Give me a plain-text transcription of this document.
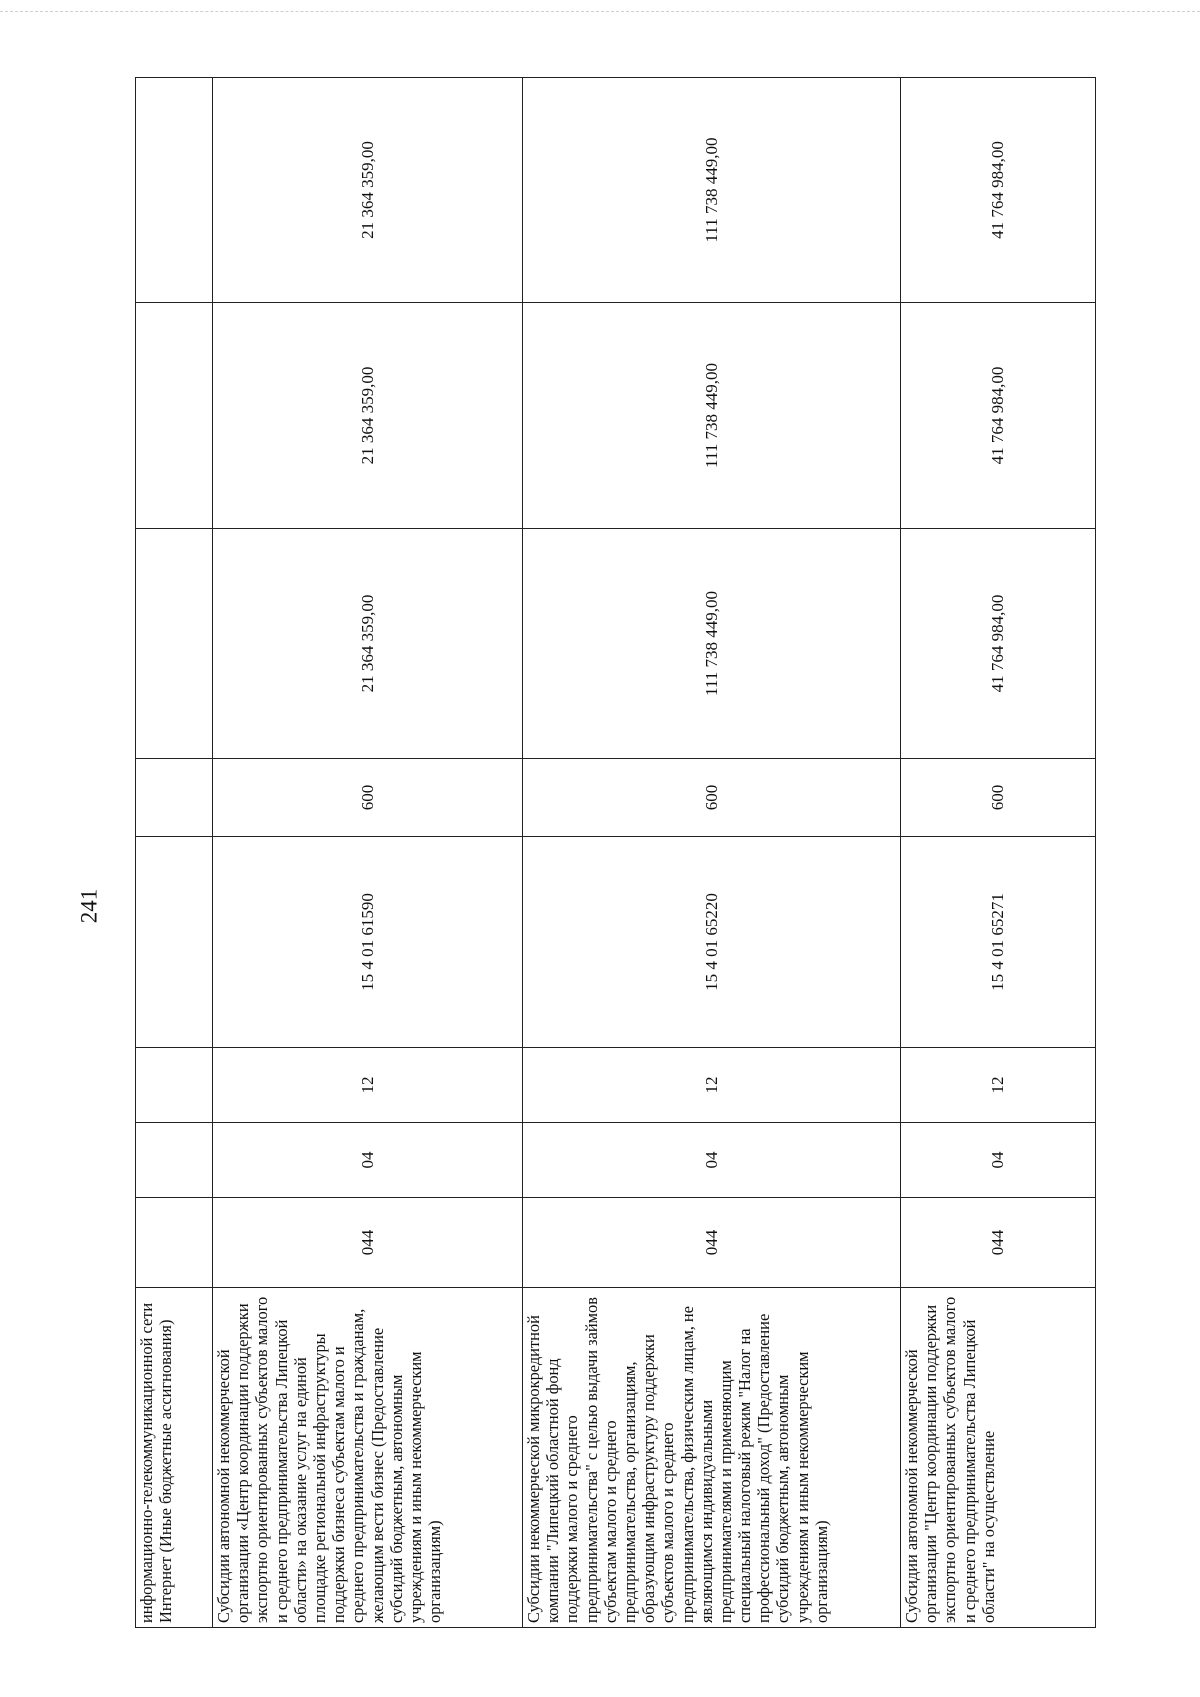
241
информационно-телекоммуникационной сети Интернет (Иные бюджетные ассигнования)								
Субсидии автономной некоммерческой организации «Центр координации поддержки экспортно ориентированных субъектов малого и среднего предпринимательства Липецкой области» на оказание услуг на единой площадке региональной инфраструктуры поддержки бизнеса субъектам малого и среднего предпринимательства и гражданам, желающим вести бизнес (Предоставление субсидий бюджетным, автономным учреждениям и иным некоммерческим организациям)	044	04	12	15 4 01 61590	600	21 364 359,00	21 364 359,00	21 364 359,00
Субсидии некоммерческой микрокредитной компании "Липецкий областной фонд поддержки малого и среднего предпринимательства" с целью выдачи займов субъектам малого и среднего предпринимательства, организациям, образующим инфраструктуру поддержки субъектов малого и среднего предпринимательства, физическим лицам, не являющимся индивидуальными предпринимателями и применяющим специальный налоговый режим "Налог на профессиональный доход" (Предоставление субсидий бюджетным, автономным учреждениям и иным некоммерческим организациям)	044	04	12	15 4 01 65220	600	111 738 449,00	111 738 449,00	111 738 449,00
Субсидии автономной некоммерческой организации "Центр координации поддержки экспортно ориентированных субъектов малого и среднего предпринимательства Липецкой области" на осуществление	044	04	12	15 4 01 65271	600	41 764 984,00	41 764 984,00	41 764 984,00
